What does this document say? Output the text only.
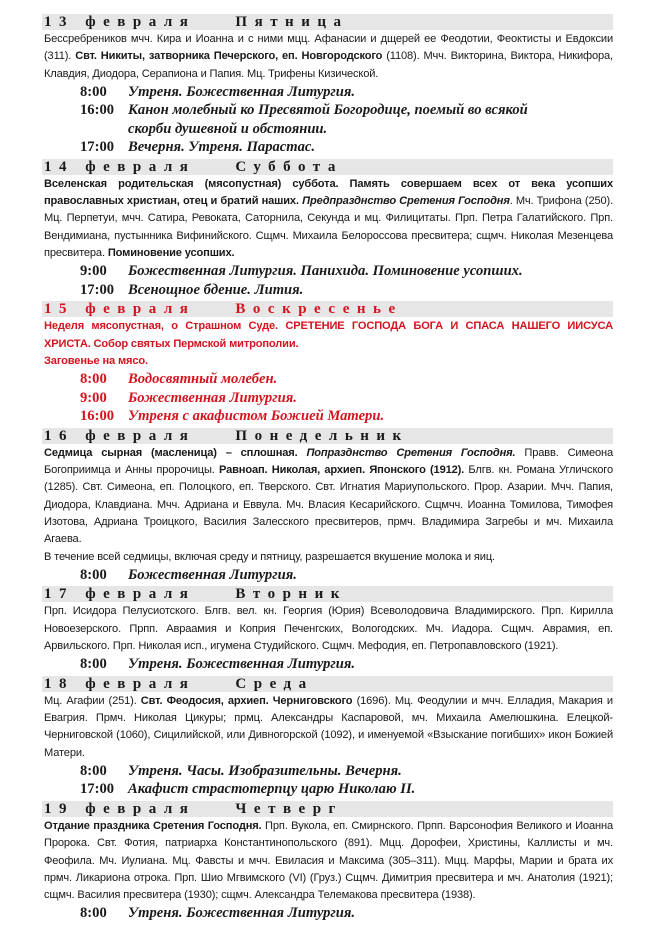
13 февраля	Пятница
Бессребреников мчч. Кира и Иоанна и с ними мцц. Афанасии и дщерей ее Феодотии, Феоктисты и Евдоксии (311). Свт. Никиты, затворника Печерского, еп. Новгородского (1108). Мчч. Викторина, Виктора, Никифора, Клавдия, Диодора, Серапиона и Папия. Мц. Трифены Кизической.
8:00	Утреня. Божественная Литургия.
16:00 Канон молебный ко Пресвятой Богородице, поемый во всякой скорби душевной и обстоянии.
17:00 Вечерня. Утреня. Парастас.
14 февраля	Суббота
Вселенская родительская (мясопустная) суббота. Память совершаем всех от века усопших православных христиан, отец и братий наших. Предпразднство Сретения Господня. Мч. Трифона (250). Мц. Перпетуи, мчч. Сатира, Ревоката, Саторнила, Секунда и мц. Филицитаты. Прп. Петра Галатийского. Прп. Вендимиана, пустынника Вифинийского. Сщмч. Михаила Белороссова пресвитера; сщмч. Николая Мезенцева пресвитера. Поминовение усопших.
9:00	Божественная Литургия. Панихида. Поминовение усопших.
17:00 Всенощное бдение. Лития.
15 февраля	Воскресенье
Неделя мясопустная, о Страшном Суде. СРЕТЕНИЕ ГОСПОДА БОГА И СПАСА НАШЕГО ИИСУСА ХРИСТА. Собор святых Пермской митрополии.
Заговенье на мясо.
8:00	Водосвятный молебен.
9:00	Божественная Литургия.
16:00 Утреня с акафистом Божией Матери.
16 февраля	Понедельник
Седмица сырная (масленица) – сплошная. Попразднство Сретения Господня. Правв. Симеона Богоприимца и Анны пророчицы. Равноап. Николая, архиеп. Японского (1912). Блгв. кн. Романа Угличского (1285). Свт. Симеона, еп. Полоцкого, еп. Тверского. Свт. Игнатия Мариупольского. Прор. Азарии. Мчч. Папия, Диодора, Клавдиана. Мчч. Адриана и Еввула. Мч. Власия Кесарийского. Сщмчч. Иоанна Томилова, Тимофея Изотова, Адриана Троицкого, Василия Залесского пресвитеров, прмч. Владимира Загребы и мч. Михаила Агаева.
В течение всей седмицы, включая среду и пятницу, разрешается вкушение молока и яиц.
8:00	Божественная Литургия.
17 февраля	Вторник
Прп. Исидора Пелусиотского. Блгв. вел. кн. Георгия (Юрия) Всеволодовича Владимирского. Прп. Кирилла Новоезерского. Прпп. Авраамия и Коприя Печенгских, Вологодских. Мч. Иадора. Сщмч. Аврамия, еп. Арвильского. Прп. Николая исп., игумена Студийского. Сщмч. Мефодия, еп. Петропавловского (1921).
8:00	Утреня. Божественная Литургия.
18 февраля	Среда
Мц. Агафии (251). Свт. Феодосия, архиеп. Черниговского (1696). Мц. Феодулии и мчч. Елладия, Макария и Евагрия. Прмч. Николая Цикуры; прмц. Александры Каспаровой, мч. Михаила Амелюшкина. Елецкой-Черниговской (1060), Сицилийской, или Дивногорской (1092), и именуемой «Взыскание погибших» икон Божией Матери.
8:00	Утреня. Часы. Изобразительны. Вечерня.
17:00 Акафист страстотерпцу царю Николаю II.
19 февраля	Четверг
Отдание праздника Сретения Господня. Прп. Вукола, еп. Смирнского. Прпп. Варсонофия Великого и Иоанна Пророка. Свт. Фотия, патриарха Константинопольского (891). Мцц. Дорофеи, Христины, Каллисты и мч. Феофила. Мч. Иулиана. Мц. Фавсты и мчч. Евиласия и Максима (305–311). Мцц. Марфы, Марии и брата их прмч. Ликариона отрока. Прп. Шио Мгвимского (VI) (Груз.) Сщмч. Димитрия пресвитера и мч. Анатолия (1921); сщмч. Василия пресвитера (1930); сщмч. Александра Телемакова пресвитера (1938).
8:00	Утреня. Божественная Литургия.
